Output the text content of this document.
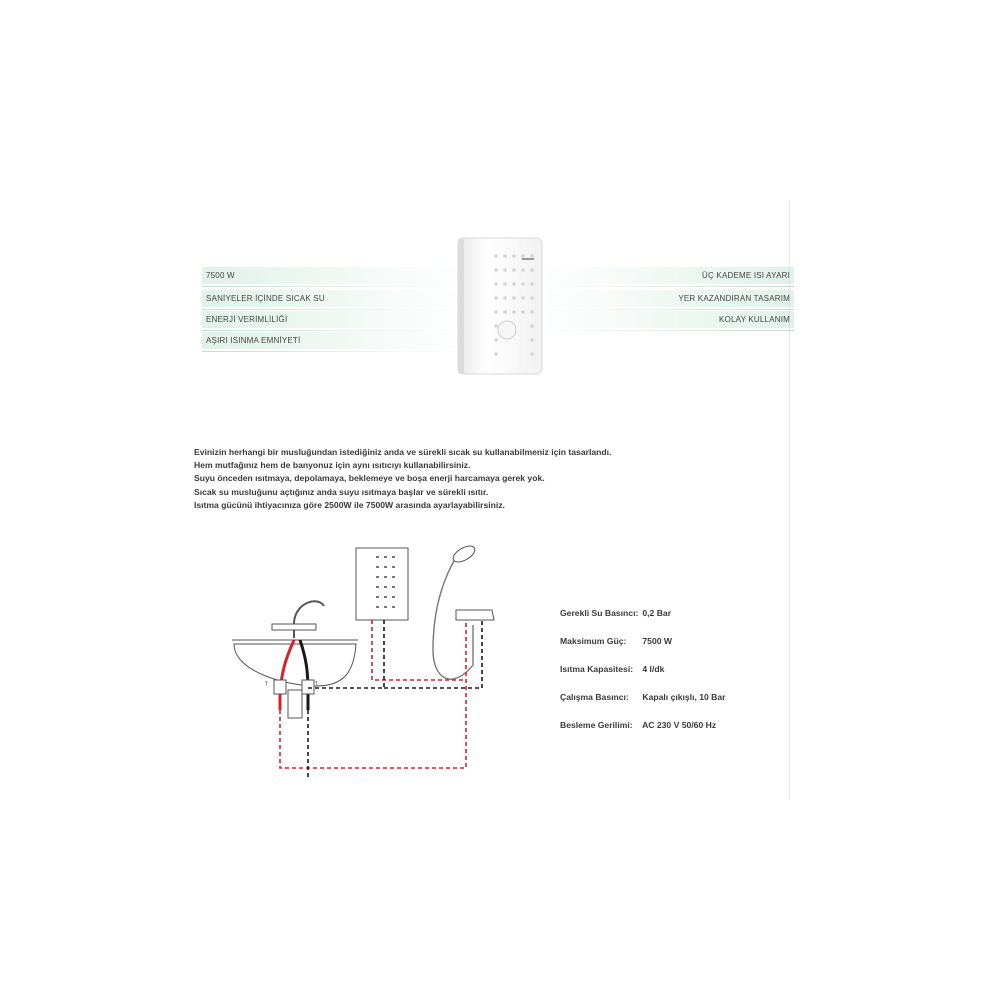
7500 W
SANİYELER İÇİNDE SICAK SU
ENERJİ VERİMLİLİĞİ
AŞIRI ISINMA EMNİYETİ
ÜÇ KADEME ISI AYARI
YER KAZANDIRAN TASARIM
KOLAY KULLANIM
Evinizin herhangi bir musluğundan istediğiniz anda ve sürekli sıcak su kullanabilmeniz için tasarlandı.
Hem mutfağınız hem de banyonuz için aynı ısıtıcıyı kullanabilirsiniz.
Suyu önceden ısıtmaya, depolamaya, beklemeye ve boşa enerji harcamaya gerek yok.
Sıcak su musluğunu açtığınız anda suyu ısıtmaya başlar ve sürekli ısıtır.
Isıtma gücünü ihtiyacınıza göre 2500W ile 7500W arasında ayarlayabilirsiniz.
↑	↑
Gerekli Su Basıncı: 0,2 Bar
Maksimum Güç: 7500 W
Isıtma Kapasitesi: 4 l/dk
Çalışma Basıncı: Kapalı çıkışlı, 10 Bar
Besleme Gerilimi: AC 230 V 50/60 Hz
